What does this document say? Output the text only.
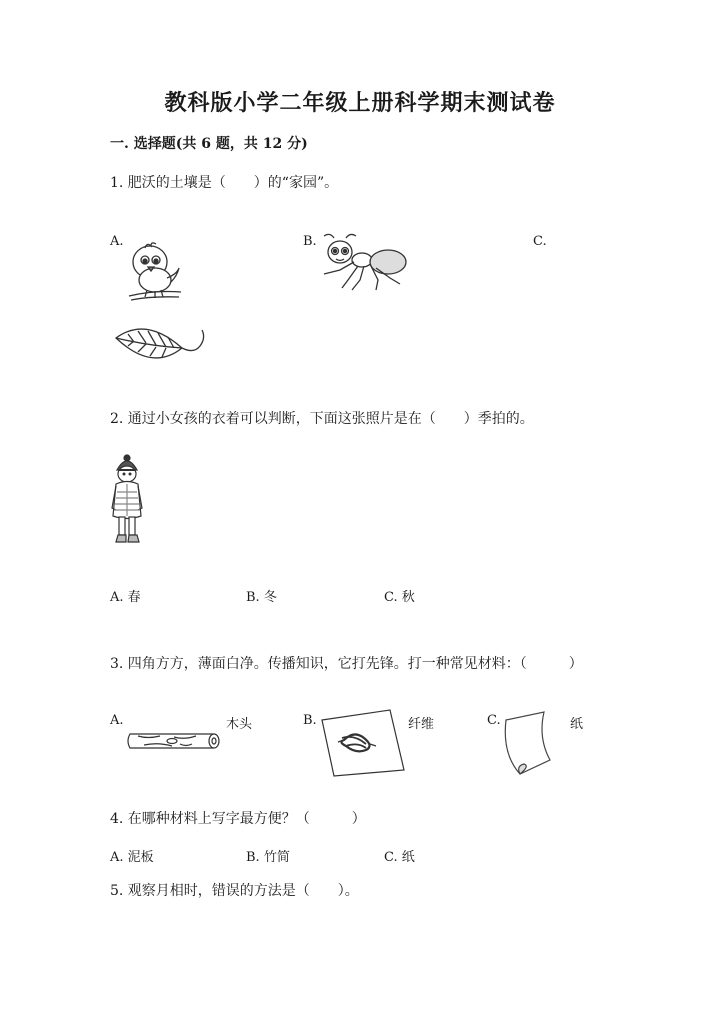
教科版小学二年级上册科学期末测试卷
一. 选择题(共 6 题，共 12 分)
1. 肥沃的土壤是（　　）的“家园”。
A.	B.	C.
2. 通过小女孩的衣着可以判断，下面这张照片是在（　　）季拍的。
A. 春	B. 冬	C. 秋
3. 四角方方，薄面白净。传播知识，它打先锋。打一种常见材料：（　　　）
A.	木头	B.	纤维	C.	纸
4. 在哪种材料上写字最方便？（　　　）
A. 泥板	B. 竹简	C. 纸
5. 观察月相时，错误的方法是（　　）。
